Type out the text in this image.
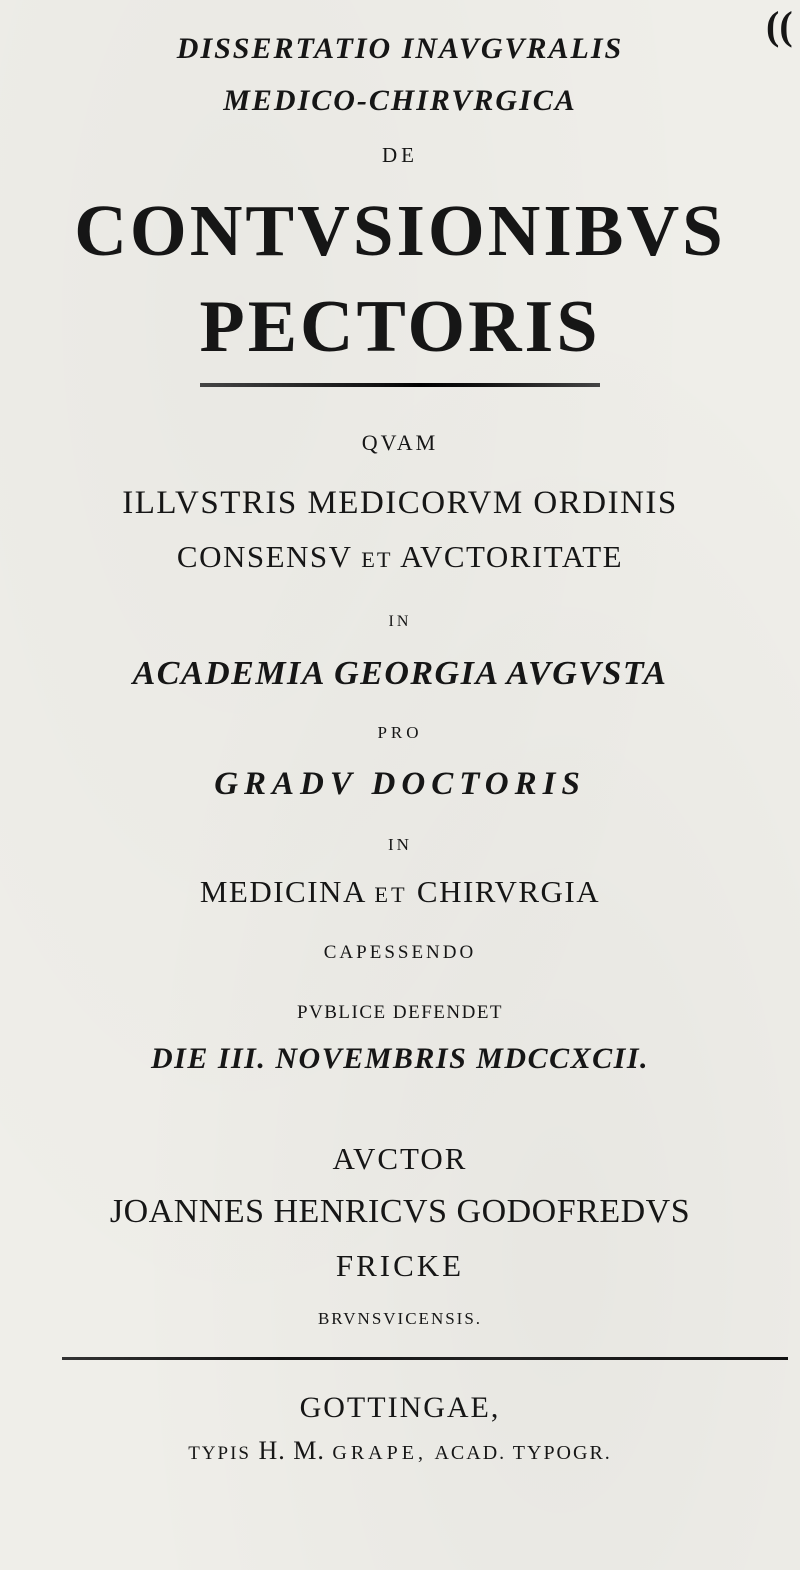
DISSERTATIO INAVGVRALIS
((
MEDICO-CHIRVRGICA
DE
CONTVSIONIBVS
PECTORIS
QVAM
ILLVSTRIS MEDICORVM ORDINIS
CONSENSV ET AVCTORITATE
IN
ACADEMIA GEORGIA AVGVSTA
PRO
GRADV DOCTORIS
IN
MEDICINA ET CHIRVRGIA
CAPESSENDO
PVBLICE DEFENDET
DIE III. NOVEMBRIS MDCCXCII.
AVCTOR
JOANNES HENRICVS GODOFREDVS
FRICKE
BRVNSVICENSIS.
GOTTINGAE,
TYPIS H. M. GRAPE, ACAD. TYPOGR.
